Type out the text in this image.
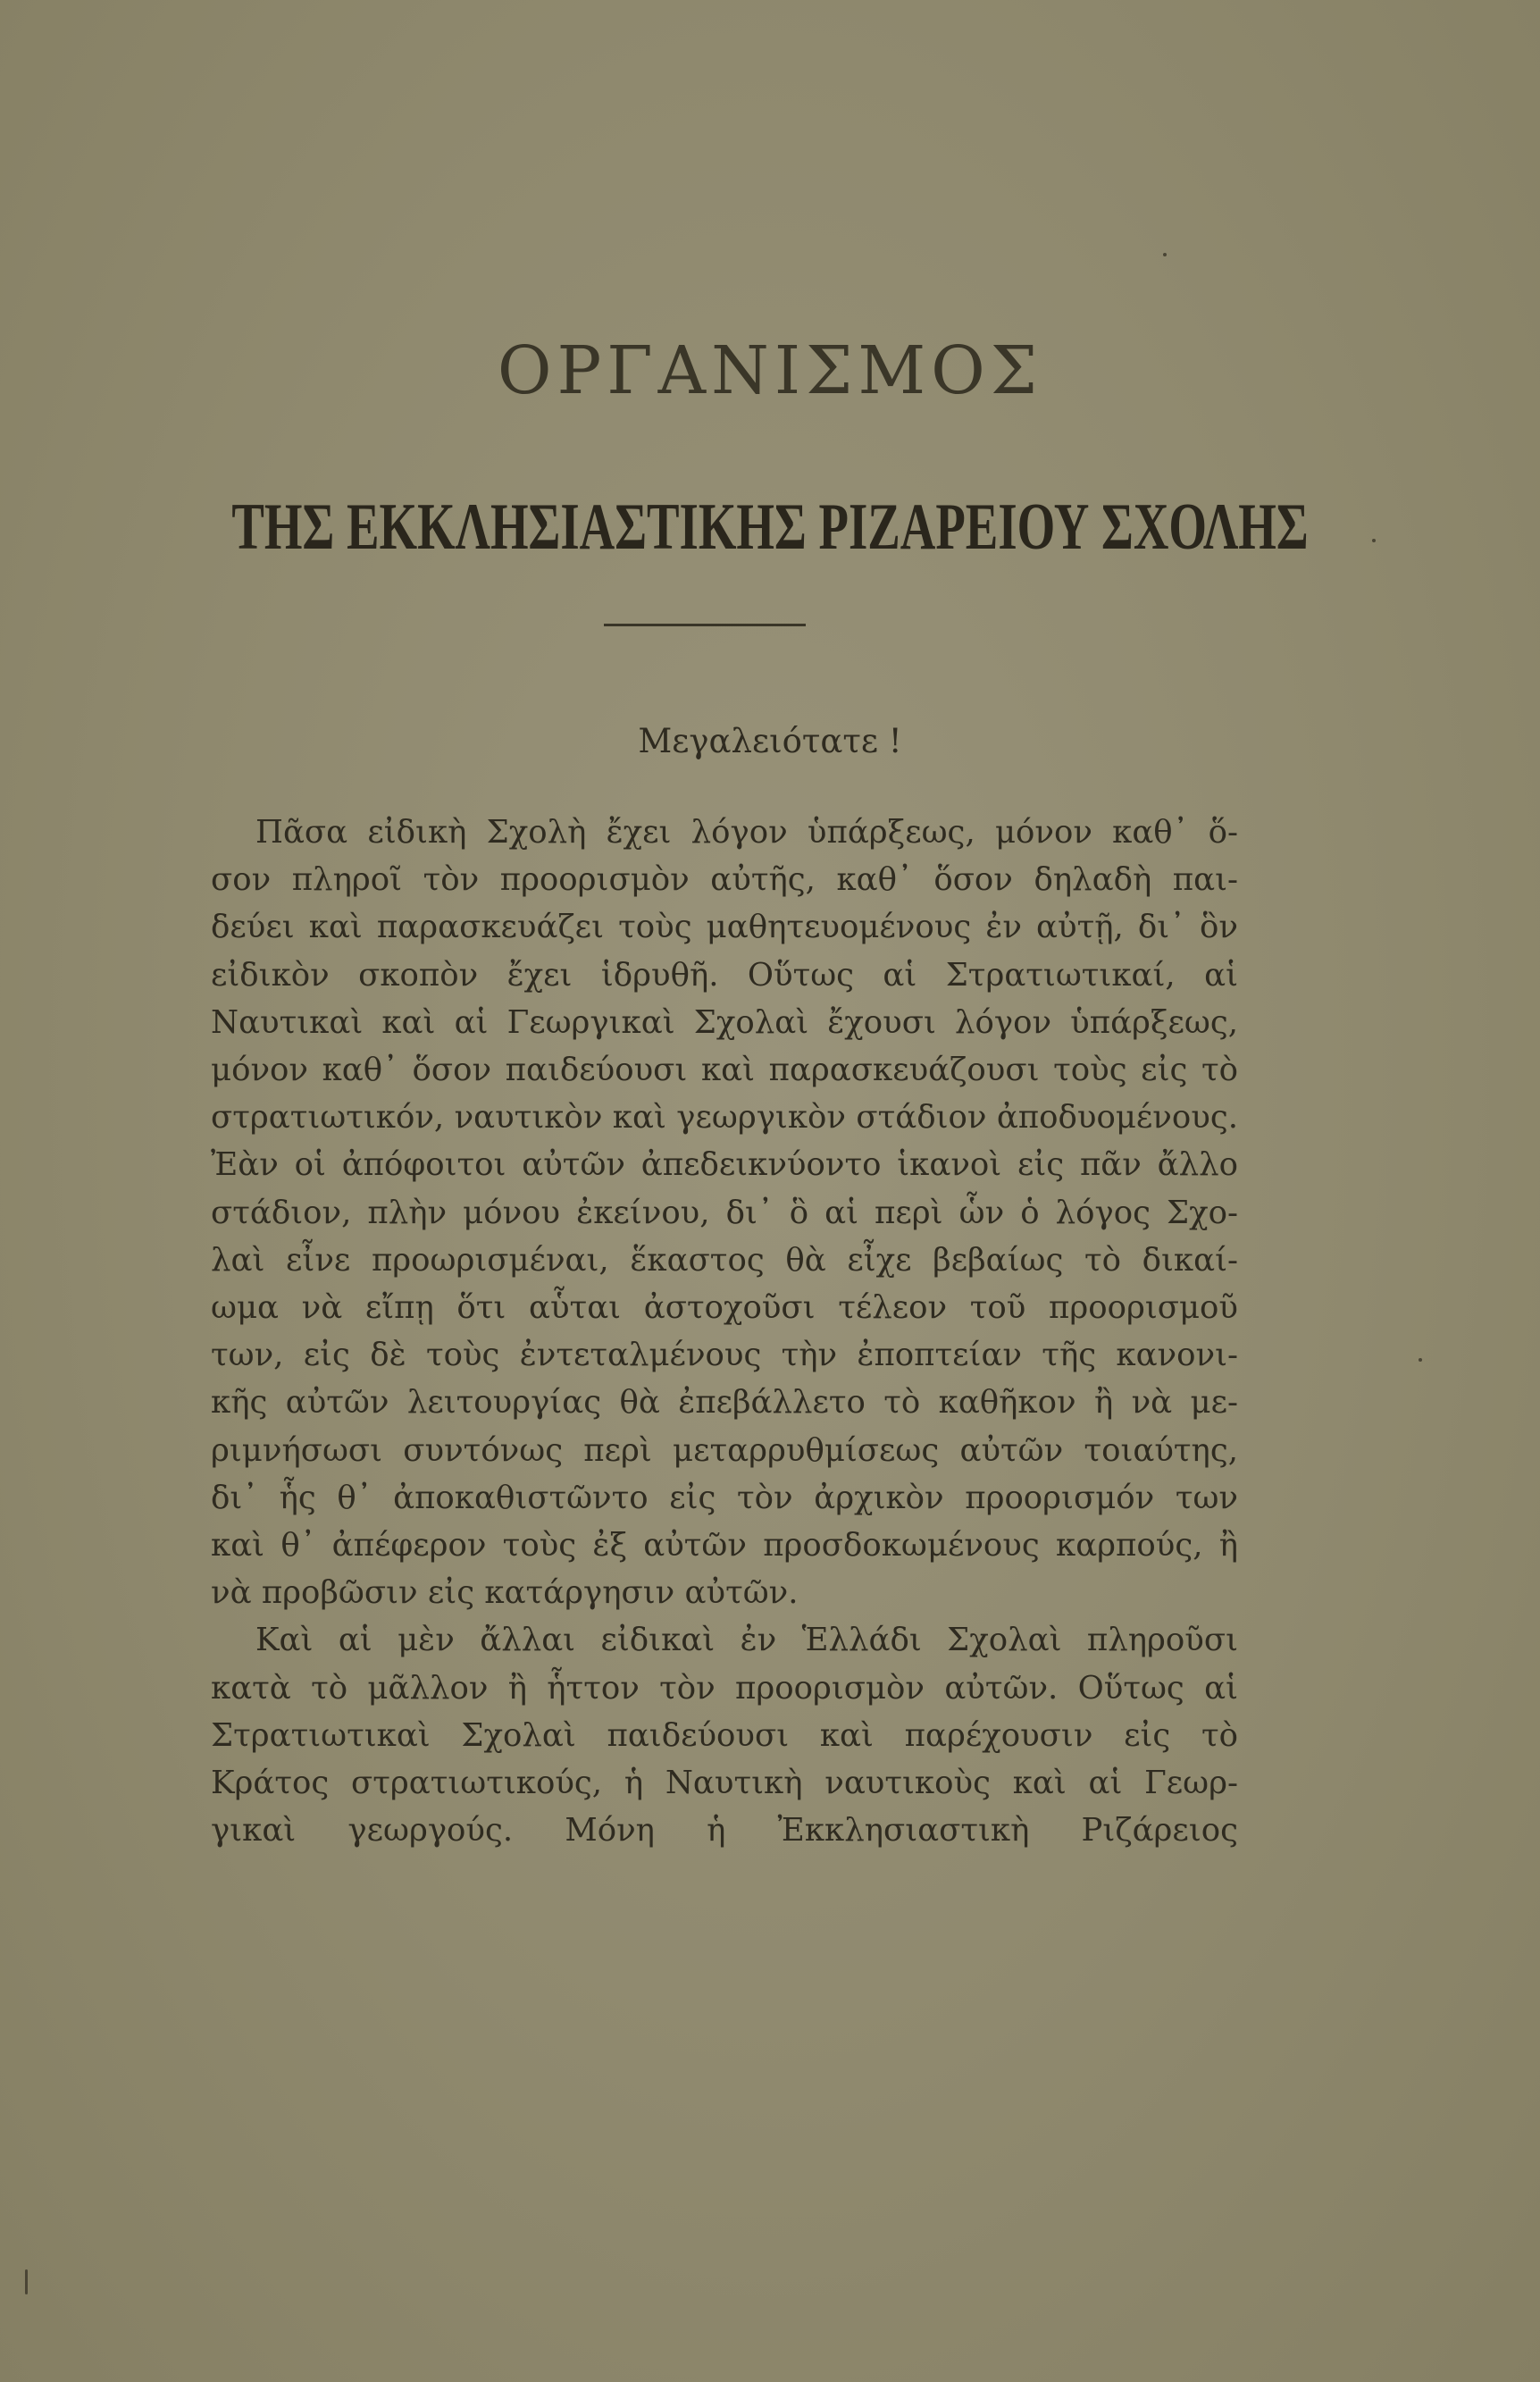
ΟΡΓΑΝΙΣΜΟΣ
ΤΗΣ ΕΚΚΛΗΣΙΑΣΤΙΚΗΣ ΡΙΖΑΡΕΙΟΥ ΣΧΟΛΗΣ
Μεγαλειότατε !
Πᾶσα εἰδικὴ Σχολὴ ἔχει λόγον ὑπάρξεως, μόνον καθ᾿ ὅ-
σον πληροῖ τὸν προορισμὸν αὐτῆς, καθ᾿ ὅσον δηλαδὴ παι-
δεύει καὶ παρασκευάζει τοὺς μαθητευομένους ἐν αὐτῇ, δι᾿ ὃν
εἰδικὸν σκοπὸν ἔχει ἱδρυθῆ. Οὕτως αἱ Στρατιωτικαί, αἱ
Ναυτικαὶ καὶ αἱ Γεωργικαὶ Σχολαὶ ἔχουσι λόγον ὑπάρξεως,
μόνον καθ᾿ ὅσον παιδεύουσι καὶ παρασκευάζουσι τοὺς εἰς τὸ
στρατιωτικόν, ναυτικὸν καὶ γεωργικὸν στάδιον ἀποδυομένους.
Ἐὰν οἱ ἀπόφοιτοι αὐτῶν ἀπεδεικνύοντο ἱκανοὶ εἰς πᾶν ἄλλο
στάδιον, πλὴν μόνου ἐκείνου, δι᾿ ὃ αἱ περὶ ὧν ὁ λόγος Σχο-
λαὶ εἶνε προωρισμέναι, ἕκαστος θὰ εἶχε βεβαίως τὸ δικαί-
ωμα νὰ εἴπῃ ὅτι αὗται ἀστοχοῦσι τέλεον τοῦ προορισμοῦ
των, εἰς δὲ τοὺς ἐντεταλμένους τὴν ἐποπτείαν τῆς κανονι-
κῆς αὐτῶν λειτουργίας θὰ ἐπεβάλλετο τὸ καθῆκον ἢ νὰ με-
ριμνήσωσι συντόνως περὶ μεταρρυθμίσεως αὐτῶν τοιαύτης,
δι᾿ ἧς θ᾿ ἀποκαθιστῶντο εἰς τὸν ἀρχικὸν προορισμόν των
καὶ θ᾿ ἀπέφερον τοὺς ἐξ αὐτῶν προσδοκωμένους καρπούς, ἢ
νὰ προβῶσιν εἰς κατάργησιν αὐτῶν.
Καὶ αἱ μὲν ἄλλαι εἰδικαὶ ἐν Ἑλλάδι Σχολαὶ πληροῦσι
κατὰ τὸ μᾶλλον ἢ ἧττον τὸν προορισμὸν αὐτῶν. Οὕτως αἱ
Στρατιωτικαὶ Σχολαὶ παιδεύουσι καὶ παρέχουσιν εἰς τὸ
Κράτος στρατιωτικούς, ἡ Ναυτικὴ ναυτικοὺς καὶ αἱ Γεωρ-
γικαὶ γεωργούς. Μόνη ἡ Ἐκκλησιαστικὴ Ριζάρειος
